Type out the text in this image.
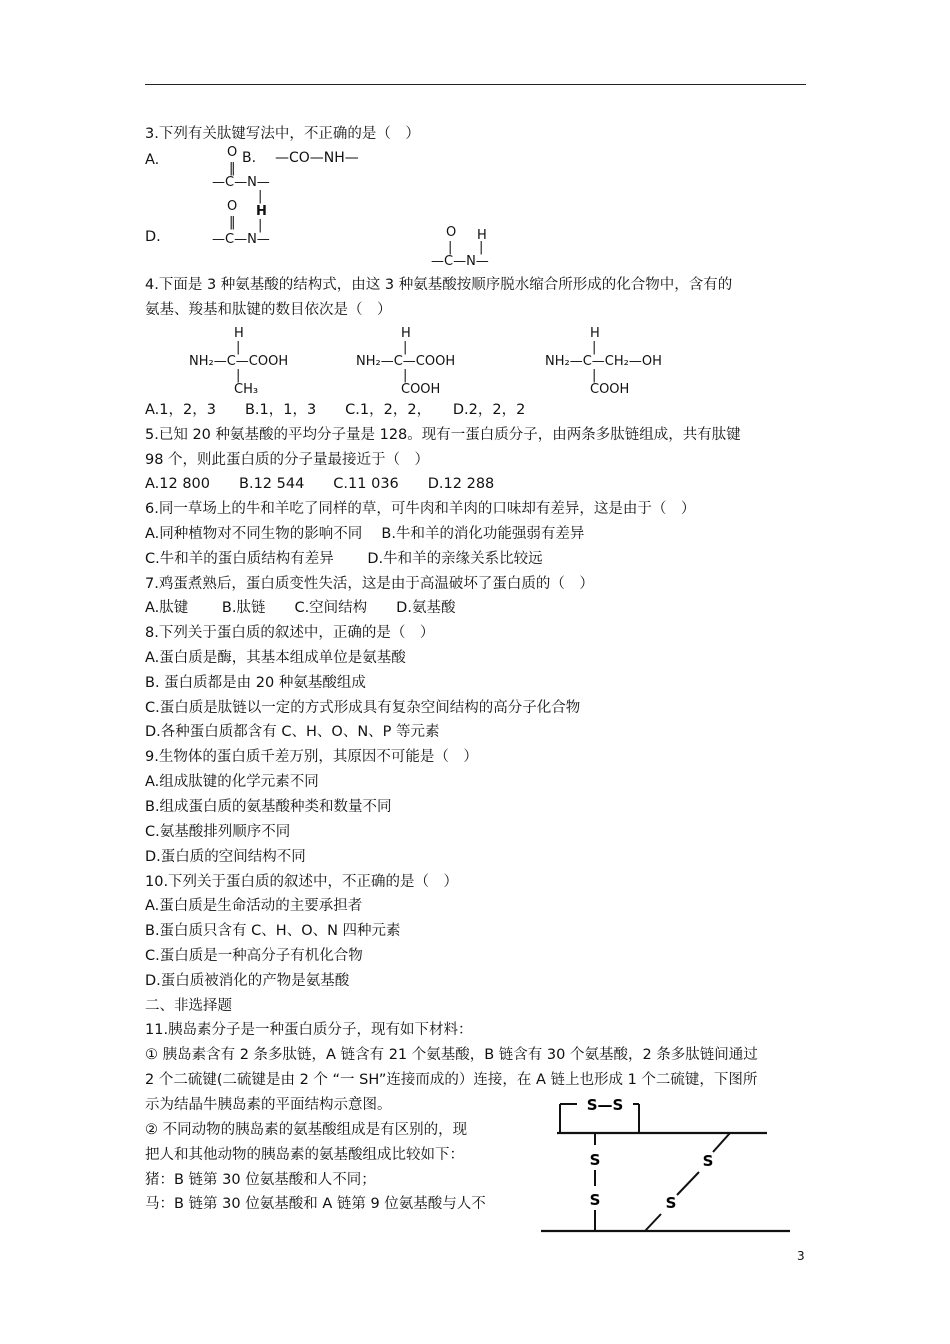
3.下列有关肽键写法中，不正确的是（　）
A.	O B. —CO—NH—
‖
—C—N—
|
O H
‖ |
D.	—C—N—	O H
| |
—C—N—
4.下面是 3 种氨基酸的结构式，由这 3 种氨基酸按顺序脱水缩合所形成的化合物中，含有的
氨基、羧基和肽键的数目依次是（　）
H
|
NH₂—C—COOH
|
CH₃
H
|
NH₂—C—COOH
|
COOH
H
|
NH₂—C—CH₂—OH
|
COOH
A.1，2，3　　B.1，1，3　　C.1，2，2，　　D.2，2，2
5.已知 20 种氨基酸的平均分子量是 128。现有一蛋白质分子，由两条多肽链组成，共有肽键
98 个，则此蛋白质的分子量最接近于（　）
A.12 800　　B.12 544　　C.11 036　　D.12 288
6.同一草场上的牛和羊吃了同样的草，可牛肉和羊肉的口味却有差异，这是由于（　）
A.同种植物对不同生物的影响不同　 B.牛和羊的消化功能强弱有差异
C.牛和羊的蛋白质结构有差异　　 D.牛和羊的亲缘关系比较远
7.鸡蛋煮熟后，蛋白质变性失活，这是由于高温破坏了蛋白质的（　）
A.肽键　　 B.肽链　　C.空间结构　　D.氨基酸
8.下列关于蛋白质的叙述中，正确的是（　）
A.蛋白质是酶，其基本组成单位是氨基酸
B. 蛋白质都是由 20 种氨基酸组成
C.蛋白质是肽链以一定的方式形成具有复杂空间结构的高分子化合物
D.各种蛋白质都含有 C、H、O、N、P 等元素
9.生物体的蛋白质千差万别，其原因不可能是（　）
A.组成肽键的化学元素不同
B.组成蛋白质的氨基酸种类和数量不同
C.氨基酸排列顺序不同
D.蛋白质的空间结构不同
10.下列关于蛋白质的叙述中，不正确的是（　）
A.蛋白质是生命活动的主要承担者
B.蛋白质只含有 C、H、O、N 四种元素
C.蛋白质是一种高分子有机化合物
D.蛋白质被消化的产物是氨基酸
二、非选择题
11.胰岛素分子是一种蛋白质分子，现有如下材料：
① 胰岛素含有 2 条多肽链，A 链含有 21 个氨基酸，B 链含有 30 个氨基酸，2 条多肽链间通过
2 个二硫键(二硫键是由 2 个 “一 SH”连接而成的）连接，在 A 链上也形成 1 个二硫键，下图所
示为结晶牛胰岛素的平面结构示意图。
② 不同动物的胰岛素的氨基酸组成是有区别的，现
把人和其他动物的胰岛素的氨基酸组成比较如下：
猪：B 链第 30 位氨基酸和人不同；
马：B 链第 30 位氨基酸和 A 链第 9 位氨基酸与人不
S—S
S
S
S
S
3
